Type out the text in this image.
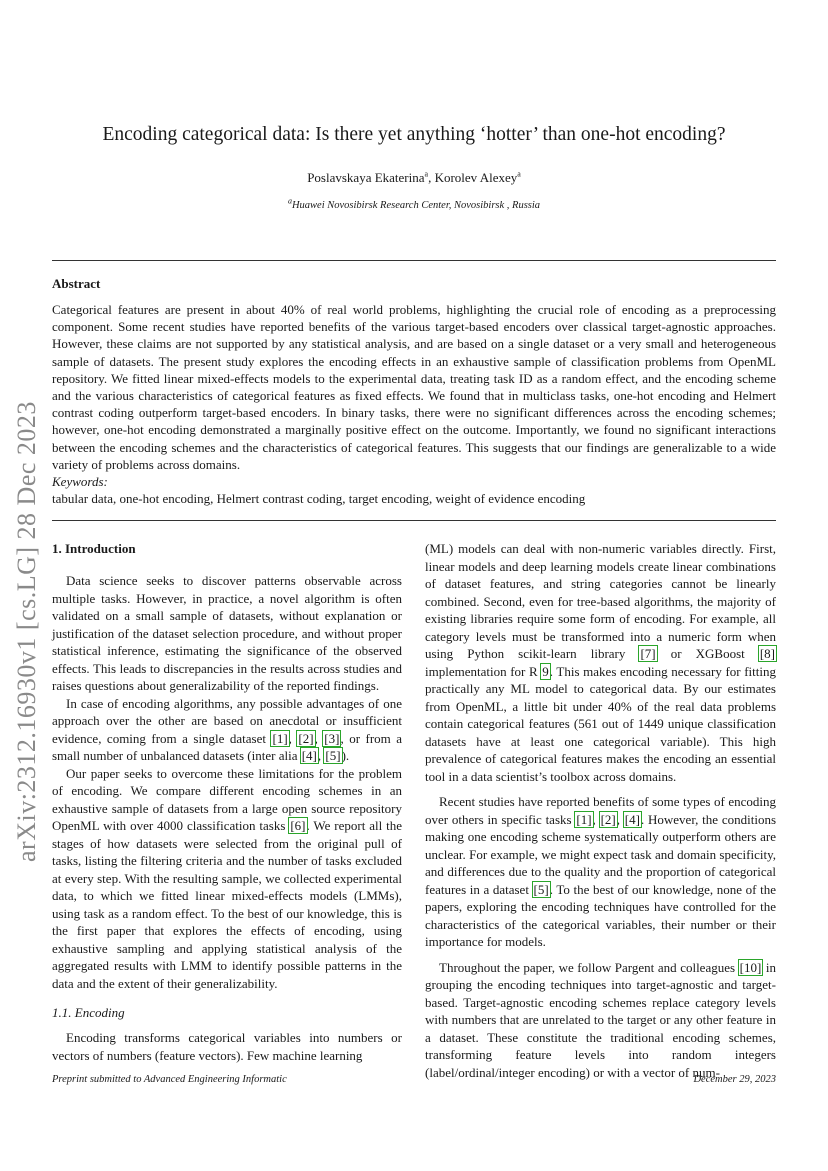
arXiv:2312.16930v1 [cs.LG] 28 Dec 2023
Encoding categorical data: Is there yet anything ‘hotter’ than one-hot encoding?
Poslavskaya Ekaterina$^a$, Korolev Alexey$^a$
$^a$Huawei Novosibirsk Research Center, Novosibirsk , Russia
Abstract
Categorical features are present in about 40% of real world problems, highlighting the crucial role of encoding as a preprocessing component. Some recent studies have reported benefits of the various target-based encoders over classical target-agnostic approaches. However, these claims are not supported by any statistical analysis, and are based on a single dataset or a very small and heterogeneous sample of datasets. The present study explores the encoding effects in an exhaustive sample of classification problems from OpenML repository. We fitted linear mixed-effects models to the experimental data, treating task ID as a random effect, and the encoding scheme and the various characteristics of categorical features as fixed effects. We found that in multiclass tasks, one-hot encoding and Helmert contrast coding outperform target-based encoders. In binary tasks, there were no significant differences across the encoding schemes; however, one-hot encoding demonstrated a marginally positive effect on the outcome. Importantly, we found no significant interactions between the encoding schemes and the characteristics of categorical features. This suggests that our findings are generalizable to a wide variety of problems across domains.
Keywords:
tabular data, one-hot encoding, Helmert contrast coding, target encoding, weight of evidence encoding
1. Introduction

Data science seeks to discover patterns observable across multiple tasks. However, in practice, a novel algorithm is often validated on a small sample of datasets, without explanation or justification of the dataset selection procedure, and without proper statistical inference, estimating the significance of the observed effects. This leads to discrepancies in the results across studies and raises questions about generalizability of the reported findings.

In case of encoding algorithms, any possible advantages of one approach over the other are based on anecdotal or insufficient evidence, coming from a single dataset [1], [2], [3], or from a small number of unbalanced datasets (inter alia [4], [5]).

Our paper seeks to overcome these limitations for the problem of encoding. We compare different encoding schemes in an exhaustive sample of datasets from a large open source repository OpenML with over 4000 classification tasks [6]. We report all the stages of how datasets were selected from the original pull of tasks, listing the filtering criteria and the number of tasks excluded at every step. With the resulting sample, we collected experimental data, to which we fitted linear mixed-effects models (LMMs), using task as a random effect. To the best of our knowledge, this is the first paper that explores the effects of encoding, using exhaustive sampling and applying statistical analysis of the aggregated results with LMM to identify possible patterns in the data and the extent of their generalizability.

1.1. Encoding

Encoding transforms categorical variables into numbers or vectors of numbers (feature vectors). Few machine learning

(ML) models can deal with non-numeric variables directly. First, linear models and deep learning models create linear combinations of dataset features, and string categories cannot be linearly combined. Second, even for tree-based algorithms, the majority of existing libraries require some form of encoding. For example, all category levels must be transformed into a numeric form when using Python scikit-learn library [7] or XGBoost [8] implementation for R 9. This makes encoding necessary for fitting practically any ML model to categorical data. By our estimates from OpenML, a little bit under 40% of the real data problems contain categorical features (561 out of 1449 unique classification datasets have at least one categorical variable). This high prevalence of categorical features makes the encoding an essential tool in a data scientist’s toolbox across domains.

Recent studies have reported benefits of some types of encoding over others in specific tasks [1], [2], [4]. However, the conditions making one encoding scheme systematically outperform others are unclear. For example, we might expect task and domain specificity, and differences due to the quality and the proportion of categorical features in a dataset [5]. To the best of our knowledge, none of the papers, exploring the encoding techniques have controlled for the characteristics of the categorical variables, their number or their importance for models.

Throughout the paper, we follow Pargent and colleagues [10] in grouping the encoding techniques into target-agnostic and target-based. Target-agnostic encoding schemes replace category levels with numbers that are unrelated to the target or any other feature in a dataset. These constitute the traditional encoding schemes, transforming feature levels into random integers (label/ordinal/integer encoding) or with a vector of num-

Preprint submitted to Advanced Engineering Informatic	December 29, 2023
